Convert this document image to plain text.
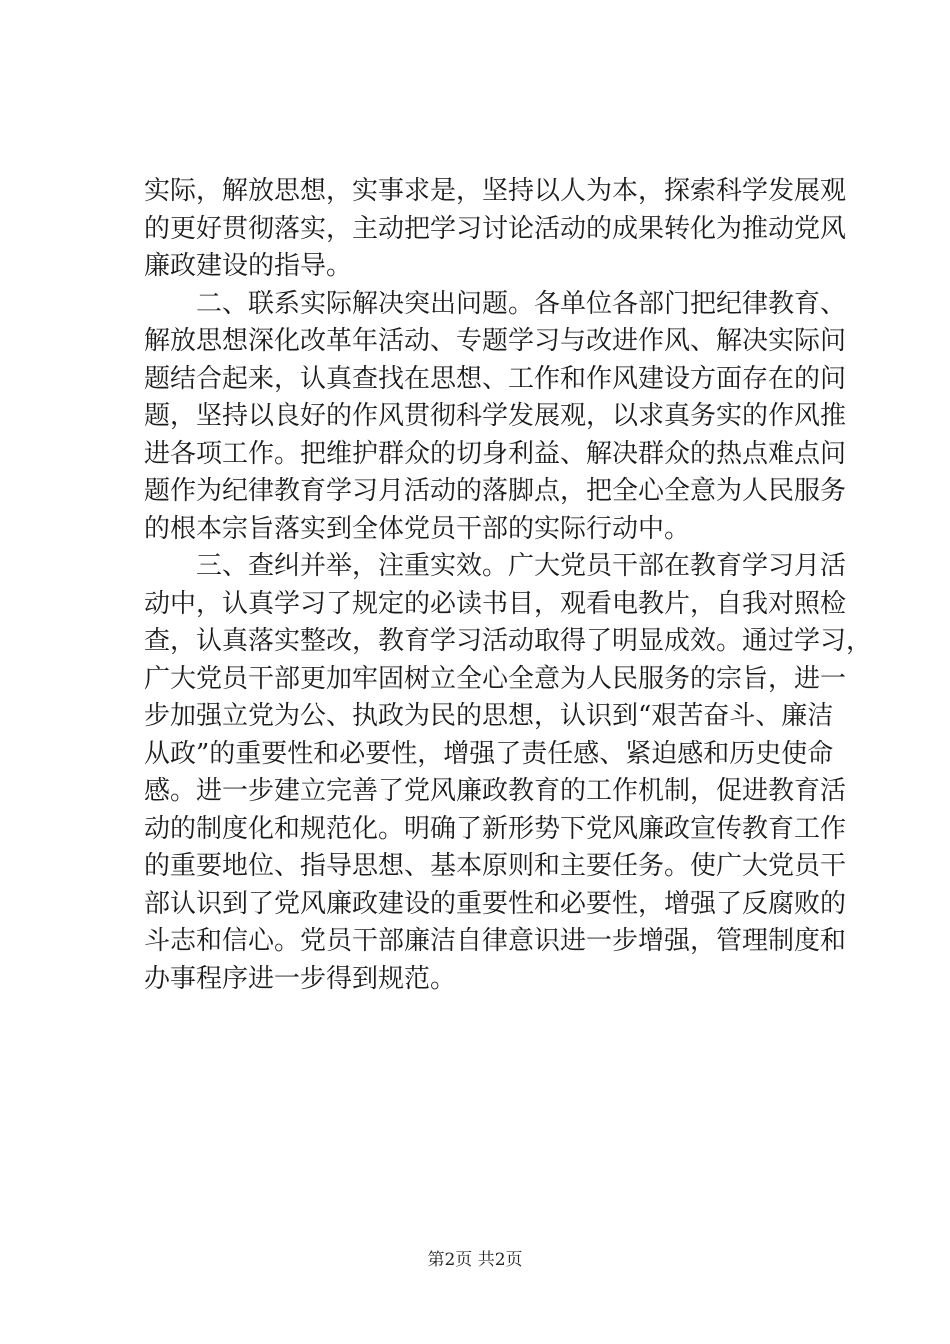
实际，解放思想，实事求是，坚持以人为本，探索科学发展观
的更好贯彻落实，主动把学习讨论活动的成果转化为推动党风
廉政建设的指导。
二、联系实际解决突出问题。各单位各部门把纪律教育、
解放思想深化改革年活动、专题学习与改进作风、解决实际问
题结合起来，认真查找在思想、工作和作风建设方面存在的问
题，坚持以良好的作风贯彻科学发展观，以求真务实的作风推
进各项工作。把维护群众的切身利益、解决群众的热点难点问
题作为纪律教育学习月活动的落脚点，把全心全意为人民服务
的根本宗旨落实到全体党员干部的实际行动中。
三、查纠并举，注重实效。广大党员干部在教育学习月活
动中，认真学习了规定的必读书目，观看电教片，自我对照检
查，认真落实整改，教育学习活动取得了明显成效。通过学习，
广大党员干部更加牢固树立全心全意为人民服务的宗旨，进一
步加强立党为公、执政为民的思想，认识到“艰苦奋斗、廉洁
从政”的重要性和必要性，增强了责任感、紧迫感和历史使命
感。进一步建立完善了党风廉政教育的工作机制，促进教育活
动的制度化和规范化。明确了新形势下党风廉政宣传教育工作
的重要地位、指导思想、基本原则和主要任务。使广大党员干
部认识到了党风廉政建设的重要性和必要性，增强了反腐败的
斗志和信心。党员干部廉洁自律意识进一步增强，管理制度和
办事程序进一步得到规范。
第2页 共2页
